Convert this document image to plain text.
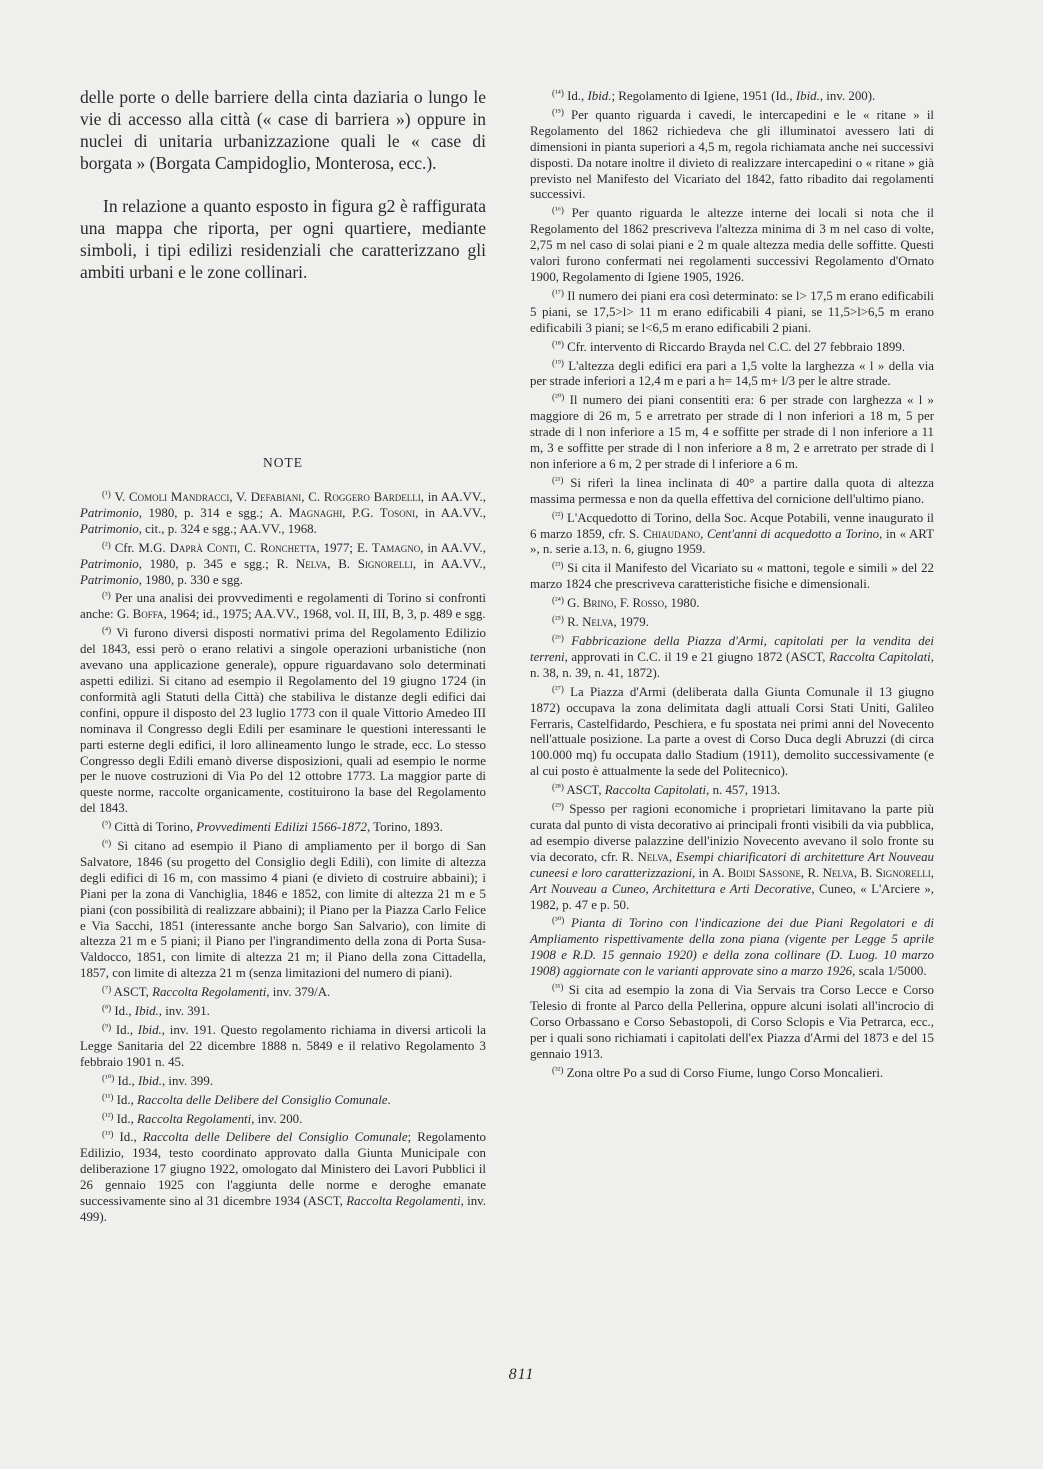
delle porte o delle barriere della cinta daziaria o lungo le vie di accesso alla città (« case di barriera ») oppure in nuclei di unitaria urbanizzazione quali le « case di borgata » (Borgata Campidoglio, Monterosa, ecc.).

In relazione a quanto esposto in figura g2 è raffigurata una mappa che riporta, per ogni quartiere, mediante simboli, i tipi edilizi residenziali che caratterizzano gli ambiti urbani e le zone collinari.

NOTE

$^{(^1)}$ V. Comoli Mandracci, V. Defabiani, C. Roggero Bardelli, in AA.VV., Patrimonio, 1980, p. 314 e sgg.; A. Magnaghi, P.G. Tosoni, in AA.VV., Patrimonio, cit., p. 324 e sgg.; AA.VV., 1968.

$^{(^2)}$ Cfr. M.G. Daprà Conti, C. Ronchetta, 1977; E. Tamagno, in AA.VV., Patrimonio, 1980, p. 345 e sgg.; R. Nelva, B. Signorelli, in AA.VV., Patrimonio, 1980, p. 330 e sgg.

$^{(^3)}$ Per una analisi dei provvedimenti e regolamenti di Torino si confronti anche: G. Boffa, 1964; id., 1975; AA.VV., 1968, vol. II, III, B, 3, p. 489 e sgg.

$^{(^4)}$ Vi furono diversi disposti normativi prima del Regolamento Edilizio del 1843, essi però o erano relativi a singole operazioni urbanistiche (non avevano una applicazione generale), oppure riguardavano solo determinati aspetti edilizi. Si citano ad esempio il Regolamento del 19 giugno 1724 (in conformità agli Statuti della Città) che stabiliva le distanze degli edifici dai confini, oppure il disposto del 23 luglio 1773 con il quale Vittorio Amedeo III nominava il Congresso degli Edili per esaminare le questioni interessanti le parti esterne degli edifici, il loro allineamento lungo le strade, ecc. Lo stesso Congresso degli Edili emanò diverse disposizioni, quali ad esempio le norme per le nuove costruzioni di Via Po del 12 ottobre 1773. La maggior parte di queste norme, raccolte organicamente, costituirono la base del Regolamento del 1843.

$^{(^5)}$ Città di Torino, Provvedimenti Edilizi 1566-1872, Torino, 1893.

$^{(^6)}$ Si citano ad esempio il Piano di ampliamento per il borgo di San Salvatore, 1846 (su progetto del Consiglio degli Edili), con limite di altezza degli edifici di 16 m, con massimo 4 piani (e divieto di costruire abbaini); i Piani per la zona di Vanchiglia, 1846 e 1852, con limite di altezza 21 m e 5 piani (con possibilità di realizzare abbaini); il Piano per la Piazza Carlo Felice e Via Sacchi, 1851 (interessante anche borgo San Salvario), con limite di altezza 21 m e 5 piani; il Piano per l'ingrandimento della zona di Porta Susa-Valdocco, 1851, con limite di altezza 21 m; il Piano della zona Cittadella, 1857, con limite di altezza 21 m (senza limitazioni del numero di piani).

$^{(^7)}$ ASCT, Raccolta Regolamenti, inv. 379/A.

$^{(^8)}$ Id., Ibid., inv. 391.

$^{(^9)}$ Id., Ibid., inv. 191. Questo regolamento richiama in diversi articoli la Legge Sanitaria del 22 dicembre 1888 n. 5849 e il relativo Regolamento 3 febbraio 1901 n. 45.

$^{(^{10})}$ Id., Ibid., inv. 399.

$^{(^{11})}$ Id., Raccolta delle Delibere del Consiglio Comunale.

$^{(^{12})}$ Id., Raccolta Regolamenti, inv. 200.

$^{(^{13})}$ Id., Raccolta delle Delibere del Consiglio Comunale; Regolamento Edilizio, 1934, testo coordinato approvato dalla Giunta Municipale con deliberazione 17 giugno 1922, omologato dal Ministero dei Lavori Pubblici il 26 gennaio 1925 con l'aggiunta delle norme e deroghe emanate successivamente sino al 31 dicembre 1934 (ASCT, Raccolta Regolamenti, inv. 499).

$^{(^{14})}$ Id., Ibid.; Regolamento di Igiene, 1951 (Id., Ibid., inv. 200).

$^{(^{15})}$ Per quanto riguarda i cavedi, le intercapedini e le « ritane » il Regolamento del 1862 richiedeva che gli illuminatoi avessero lati di dimensioni in pianta superiori a 4,5 m, regola richiamata anche nei successivi disposti. Da notare inoltre il divieto di realizzare intercapedini o « ritane » già previsto nel Manifesto del Vicariato del 1842, fatto ribadito dai regolamenti successivi.

$^{(^{16})}$ Per quanto riguarda le altezze interne dei locali si nota che il Regolamento del 1862 prescriveva l'altezza minima di 3 m nel caso di volte, 2,75 m nel caso di solai piani e 2 m quale altezza media delle soffitte. Questi valori furono confermati nei regolamenti successivi Regolamento d'Ornato 1900, Regolamento di Igiene 1905, 1926.

$^{(^{17})}$ Il numero dei piani era così determinato: se l> 17,5 m erano edificabili 5 piani, se 17,5>l> 11 m erano edificabili 4 piani, se 11,5>l>6,5 m erano edificabili 3 piani; se l<6,5 m erano edificabili 2 piani.

$^{(^{18})}$ Cfr. intervento di Riccardo Brayda nel C.C. del 27 febbraio 1899.

$^{(^{19})}$ L'altezza degli edifici era pari a 1,5 volte la larghezza « l » della via per strade inferiori a 12,4 m e pari a h= 14,5 m+ l/3 per le altre strade.

$^{(^{20})}$ Il numero dei piani consentiti era: 6 per strade con larghezza « l » maggiore di 26 m, 5 e arretrato per strade di l non inferiori a 18 m, 5 per strade di l non inferiore a 15 m, 4 e soffitte per strade di l non inferiore a 11 m, 3 e soffitte per strade di l non inferiore a 8 m, 2 e arretrato per strade di l non inferiore a 6 m, 2 per strade di l inferiore a 6 m.

$^{(^{21})}$ Si riferì la linea inclinata di 40° a partire dalla quota di altezza massima permessa e non da quella effettiva del cornicione dell'ultimo piano.

$^{(^{22})}$ L'Acquedotto di Torino, della Soc. Acque Potabili, venne inaugurato il 6 marzo 1859, cfr. S. Chiaudano, Cent'anni di acquedotto a Torino, in « ART », n. serie a.13, n. 6, giugno 1959.

$^{(^{23})}$ Si cita il Manifesto del Vicariato su « mattoni, tegole e simili » del 22 marzo 1824 che prescriveva caratteristiche fisiche e dimensionali.

$^{(^{24})}$ G. Brino, F. Rosso, 1980.

$^{(^{25})}$ R. Nelva, 1979.

$^{(^{26})}$ Fabbricazione della Piazza d'Armi, capitolati per la vendita dei terreni, approvati in C.C. il 19 e 21 giugno 1872 (ASCT, Raccolta Capitolati, n. 38, n. 39, n. 41, 1872).

$^{(^{27})}$ La Piazza d'Armi (deliberata dalla Giunta Comunale il 13 giugno 1872) occupava la zona delimitata dagli attuali Corsi Stati Uniti, Galileo Ferraris, Castelfidardo, Peschiera, e fu spostata nei primi anni del Novecento nell'attuale posizione. La parte a ovest di Corso Duca degli Abruzzi (di circa 100.000 mq) fu occupata dallo Stadium (1911), demolito successivamente (e al cui posto è attualmente la sede del Politecnico).

$^{(^{28})}$ ASCT, Raccolta Capitolati, n. 457, 1913.

$^{(^{29})}$ Spesso per ragioni economiche i proprietari limitavano la parte più curata dal punto di vista decorativo ai principali fronti visibili da via pubblica, ad esempio diverse palazzine dell'inizio Novecento avevano il solo fronte su via decorato, cfr. R. Nelva, Esempi chiarificatori di architetture Art Nouveau cuneesi e loro caratterizzazioni, in A. Boidi Sassone, R. Nelva, B. Signorelli, Art Nouveau a Cuneo, Architettura e Arti Decorative, Cuneo, « L'Arciere », 1982, p. 47 e p. 50.

$^{(^{30})}$ Pianta di Torino con l'indicazione dei due Piani Regolatori e di Ampliamento rispettivamente della zona piana (vigente per Legge 5 aprile 1908 e R.D. 15 gennaio 1920) e della zona collinare (D. Luog. 10 marzo 1908) aggiornate con le varianti approvate sino a marzo 1926, scala 1/5000.

$^{(^{31})}$ Si cita ad esempio la zona di Via Servais tra Corso Lecce e Corso Telesio di fronte al Parco della Pellerina, oppure alcuni isolati all'incrocio di Corso Orbassano e Corso Sebastopoli, di Corso Sclopis e Via Petrarca, ecc., per i quali sono richiamati i capitolati dell'ex Piazza d'Armi del 1873 e del 15 gennaio 1913.

$^{(^{32})}$ Zona oltre Po a sud di Corso Fiume, lungo Corso Moncalieri.

811
